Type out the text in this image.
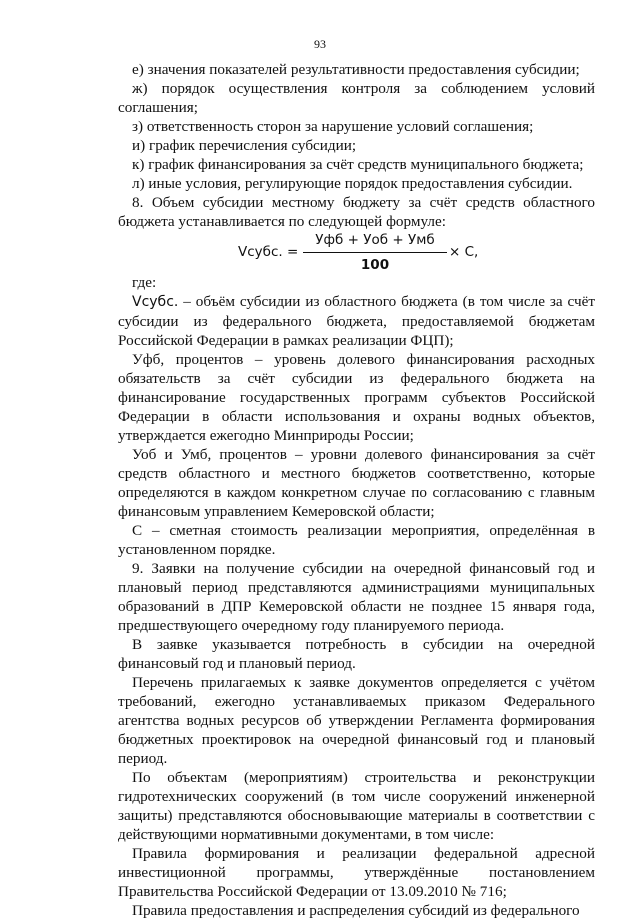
93

е) значения показателей результативности предоставления субсидии;

ж) порядок осуществления контроля за соблюдением условий соглашения;

з) ответственность сторон за нарушение условий соглашения;

и) график перечисления субсидии;

к) график финансирования за счёт средств муниципального бюджета;

л) иные условия, регулирующие порядок предоставления субсидии.

8. Объем субсидии местному бюджету за счёт средств областного бюджета устанавливается по следующей формуле:

Vсубс. =
Уфб + Уоб + Умб
100
× С,

где:

Vсубс. – объём субсидии из областного бюджета (в том числе за счёт субсидии из федерального бюджета, предоставляемой бюджетам Российской Федерации в рамках реализации ФЦП);

Уфб, процентов – уровень долевого финансирования расходных обязательств за счёт субсидии из федерального бюджета на финансирование государственных программ субъектов Российской Федерации в области использования и охраны водных объектов, утверждается ежегодно Минприроды России;

Уоб и Умб, процентов – уровни долевого финансирования за счёт средств областного и местного бюджетов соответственно, которые определяются в каждом конкретном случае по согласованию с главным финансовым управлением Кемеровской области;

С – сметная стоимость реализации мероприятия, определённая в установленном порядке.

9. Заявки на получение субсидии на очередной финансовый год и плановый период представляются администрациями муниципальных образований в ДПР Кемеровской области не позднее 15 января года, предшествующего очередному году планируемого периода.

В заявке указывается потребность в субсидии на очередной финансовый год и плановый период.

Перечень прилагаемых к заявке документов определяется с учётом требований, ежегодно устанавливаемых приказом Федерального агентства водных ресурсов об утверждении Регламента формирования бюджетных проектировок на очередной финансовый год и плановый период.

По объектам (мероприятиям) строительства и реконструкции гидротехнических сооружений (в том числе сооружений инженерной защиты) представляются обосновывающие материалы в соответствии с действующими нормативными документами, в том числе:

Правила формирования и реализации федеральной адресной инвестиционной программы, утверждённые постановлением Правительства Российской Федерации от 13.09.2010 № 716;

Правила предоставления и распределения субсидий из федерального
